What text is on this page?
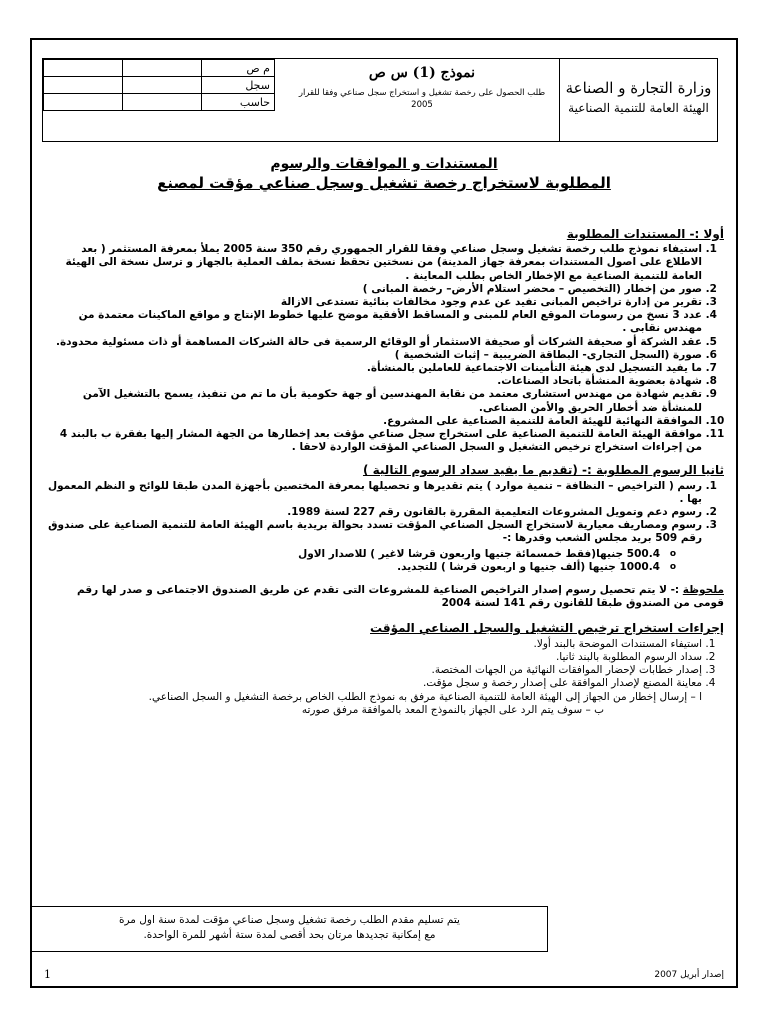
وزارة التجارة و الصناعة
الهيئة العامة للتنمية الصناعية
نموذج (1) س ص
طلب الحصول على رخصة تشغيل و استخراج سجل صناعي وفقا للقرار 2005
م ص		
سجل		
حاسب		
المستندات و الموافقات والرسوم
المطلوبة لاستخراج رخصة تشغيل وسجل صناعي مؤقت لمصنع
أولا :- المستندات المطلوبة
1. استيفاء نموذج طلب رخصة تشغيل وسجل صناعي وفقا للقرار الجمهوري رقم 350 سنة 2005 يملأ بمعرفة المستثمر ( بعد الاطلاع على اصول المستندات بمعرفة جهاز المدينة) من نسختين تحقظ نسخة بملف العملية بالجهاز و ترسل نسخة الى الهيئة العامة للتنمية الصناعية مع الإخطار الخاص بطلب المعاينة .
2. صور من إخطار (التخصيص – محضر استلام الأرض– رخصة المبانى )
3. تقرير من إدارة تراخيص المبانى تفيد عن عدم وجود مخالفات بنائية تستدعى الازالة
4. عدد 3 نسخ من رسومات الموقع العام للمبنى و المساقط الأفقية موضح عليها خطوط الإنتاج و مواقع الماكينات معتمدة من مهندس نقابى .
5. عقد الشركة أو صحيفة الشركات أو صحيفة الاستثمار أو الوقائع الرسمية فى حالة الشركات المساهمة أو ذات مسئولية محدودة.
6. صورة (السجل التجارى- البطاقة الضريبية – إثبات الشخصية )
7. ما يفيد التسجيل لدى هيئة التأمينات الاجتماعية للعاملين بالمنشأة.
8. شهادة بعضوية المنشأة باتحاد الصناعات.
9. تقديم شهادة من مهندس استشارى معتمد من نقابة المهندسين أو جهة حكومية بأن ما تم من تنفيذ، يسمح بالتشغيل الآمن للمنشأة ضد أخطار الحريق والأمن الصناعى.
10. الموافقة النهائية للهيئة العامة للتنمية الصناعية على المشروع.
11. موافقة الهيئة العامة للتنمية الصناعية على استخراج سجل صناعي مؤقت بعد إخطارها من الجهة المشار إليها بفقرة ب بالبند 4 من إجراءات استخراج ترخيص التشغيل و السجل الصناعي المؤقت الواردة لاحقا .
ثانيا الرسوم المطلوبة :- (تقديم ما يفيد سداد الرسوم التالية )
1. رسم ( التراخيص – النظافة – تنمية موارد ) يتم تقديرها و تحصيلها بمعرفة المختصين بأجهزة المدن طبقا للوائح و النظم المعمول بها .
2. رسوم دعم وتمويل المشروعات التعليمية المقررة بالقانون رقم 227 لسنة 1989.
3. رسوم ومصاريف معيارية لاستخراج السجل الصناعي المؤقت تسدد بحوالة بريدية باسم الهيئة العامة للتنمية الصناعية على صندوق رقم 509 بريد مجلس الشعب وقدرها :-
o 500.4 جنيها(فقط خمسمائة جنيها واربعون قرشا لاغير ) للاصدار الاول
o 1000.4 جنيها (ألف جنيها و اربعون قرشا ) للتجديد.
ملحوظة :- لا يتم تحصيل رسوم إصدار التراخيص الصناعية للمشروعات التى تقدم عن طريق الصندوق الاجتماعى و صدر لها رقم قومى من الصندوق طبقا للقانون رقم 141 لسنة 2004
إجراءات استخراج ترخيص التشغيل والسجل الصناعي المؤقت
1. استيفاء المستندات الموضحة بالبند أولا.
2. سداد الرسوم المطلوبة بالبند ثانيا.
3. إصدار خطابات لإحضار الموافقات النهائية من الجهات المختصة.
4. معاينة المصنع لإصدار الموافقة على إصدار رخصة و سجل مؤقت.
ا – إرسال إخطار من الجهاز إلى الهيئة العامة للتنمية الصناعية مرفق به نموذج الطلب الخاص برخصة التشغيل و السجل الصناعي.
ب – سوف يتم الرد على الجهاز بالنموذج المعد بالموافقة مرفق صورته
يتم تسليم مقدم الطلب رخصة تشغيل وسجل صناعي مؤقت لمدة سنة اول مرة
مع إمكانية تجديدها مرتان بحد أقصى لمدة ستة أشهر للمرة الواحدة.
1	إصدار أبريل 2007
